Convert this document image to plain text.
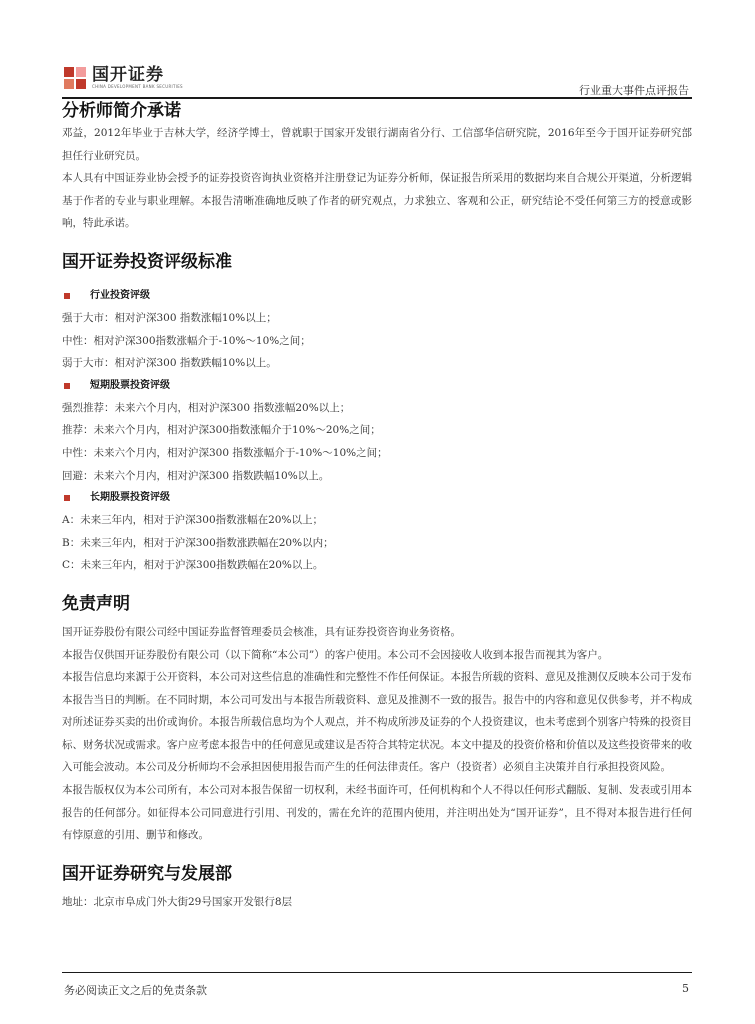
国开证券
CHINA DEVELOPMENT BANK SECURITIES	行业重大事件点评报告
分析师简介承诺

邓益，2012年毕业于吉林大学，经济学博士，曾就职于国家开发银行湖南省分行、工信部华信研究院，2016年至今于国开证券研究部担任行业研究员。

本人具有中国证券业协会授予的证券投资咨询执业资格并注册登记为证券分析师，保证报告所采用的数据均来自合规公开渠道，分析逻辑基于作者的专业与职业理解。本报告清晰准确地反映了作者的研究观点，力求独立、客观和公正，研究结论不受任何第三方的授意或影响，特此承诺。

国开证券投资评级标准
行业投资评级

强于大市：相对沪深300 指数涨幅10%以上；

中性：相对沪深300指数涨幅介于-10%～10%之间；

弱于大市：相对沪深300 指数跌幅10%以上。

短期股票投资评级

强烈推荐：未来六个月内，相对沪深300 指数涨幅20%以上；

推荐：未来六个月内，相对沪深300指数涨幅介于10%～20%之间；

中性：未来六个月内，相对沪深300 指数涨幅介于-10%～10%之间；

回避：未来六个月内，相对沪深300 指数跌幅10%以上。

长期股票投资评级

A：未来三年内，相对于沪深300指数涨幅在20%以上；

B：未来三年内，相对于沪深300指数涨跌幅在20%以内；

C：未来三年内，相对于沪深300指数跌幅在20%以上。

免责声明

国开证券股份有限公司经中国证券监督管理委员会核准，具有证券投资咨询业务资格。

本报告仅供国开证券股份有限公司（以下简称“本公司”）的客户使用。本公司不会因接收人收到本报告而视其为客户。

本报告信息均来源于公开资料，本公司对这些信息的准确性和完整性不作任何保证。本报告所载的资料、意见及推测仅反映本公司于发布本报告当日的判断。在不同时期，本公司可发出与本报告所载资料、意见及推测不一致的报告。报告中的内容和意见仅供参考，并不构成对所述证券买卖的出价或询价。本报告所载信息均为个人观点，并不构成所涉及证券的个人投资建议，也未考虑到个别客户特殊的投资目标、财务状况或需求。客户应考虑本报告中的任何意见或建议是否符合其特定状况。本文中提及的投资价格和价值以及这些投资带来的收入可能会波动。本公司及分析师均不会承担因使用报告而产生的任何法律责任。客户（投资者）必须自主决策并自行承担投资风险。

本报告版权仅为本公司所有，本公司对本报告保留一切权利，未经书面许可，任何机构和个人不得以任何形式翻版、复制、发表或引用本报告的任何部分。如征得本公司同意进行引用、刊发的，需在允许的范围内使用，并注明出处为“国开证券”，且不得对本报告进行任何有悖原意的引用、删节和修改。

国开证券研究与发展部

地址：北京市阜成门外大街29号国家开发银行8层

务必阅读正文之后的免责条款	5
